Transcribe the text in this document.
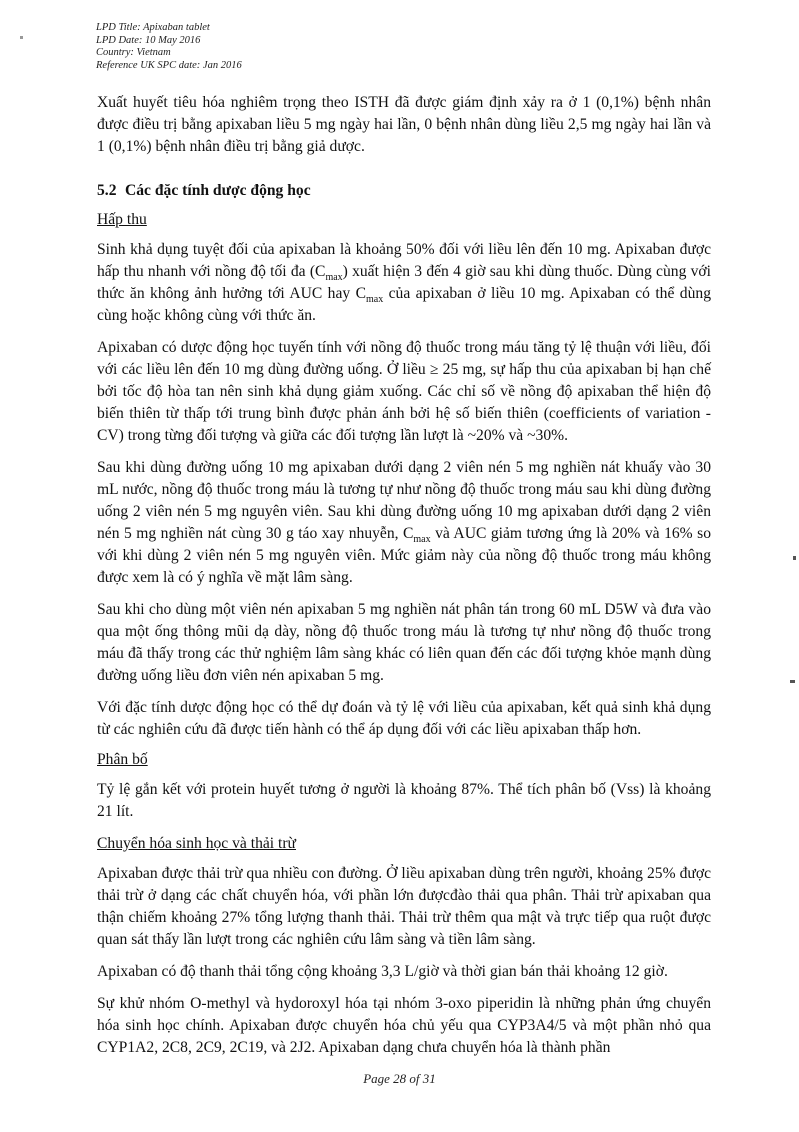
LPD Title: Apixaban tablet
LPD Date: 10 May 2016
Country: Vietnam
Reference UK SPC date: Jan 2016

Xuất huyết tiêu hóa nghiêm trọng theo ISTH đã được giám định xảy ra ở 1 (0,1%) bệnh nhân được điều trị bằng apixaban liều 5 mg ngày hai lần, 0 bệnh nhân dùng liều 2,5 mg ngày hai lần và 1 (0,1%) bệnh nhân điều trị bằng giả dược.

5.2 Các đặc tính dược động học
Hấp thu

Sinh khả dụng tuyệt đối của apixaban là khoảng 50% đối với liều lên đến 10 mg. Apixaban được hấp thu nhanh với nồng độ tối đa $(C_{max})$ xuất hiện 3 đến 4 giờ sau khi dùng thuốc. Dùng cùng với thức ăn không ảnh hưởng tới AUC hay $C_{max}$ của apixaban ở liều 10 mg. Apixaban có thể dùng cùng hoặc không cùng với thức ăn.

Apixaban có dược động học tuyến tính với nồng độ thuốc trong máu tăng tỷ lệ thuận với liều, đối với các liều lên đến 10 mg dùng đường uống. Ở liều ≥ 25 mg, sự hấp thu của apixaban bị hạn chế bởi tốc độ hòa tan nên sinh khả dụng giảm xuống. Các chỉ số về nồng độ apixaban thể hiện độ biến thiên từ thấp tới trung bình được phản ánh bởi hệ số biến thiên (coefficients of variation - CV) trong từng đối tượng và giữa các đối tượng lần lượt là ~20% và ~30%.

Sau khi dùng đường uống 10 mg apixaban dưới dạng 2 viên nén 5 mg nghiền nát khuấy vào 30 mL nước, nồng độ thuốc trong máu là tương tự như nồng độ thuốc trong máu sau khi dùng đường uống 2 viên nén 5 mg nguyên viên. Sau khi dùng đường uống 10 mg apixaban dưới dạng 2 viên nén 5 mg nghiền nát cùng 30 g táo xay nhuyễn, $C_{max}$ và AUC giảm tương ứng là 20% và 16% so với khi dùng 2 viên nén 5 mg nguyên viên. Mức giảm này của nồng độ thuốc trong máu không được xem là có ý nghĩa về mặt lâm sàng.

Sau khi cho dùng một viên nén apixaban 5 mg nghiền nát phân tán trong 60 mL D5W và đưa vào qua một ống thông mũi dạ dày, nồng độ thuốc trong máu là tương tự như nồng độ thuốc trong máu đã thấy trong các thử nghiệm lâm sàng khác có liên quan đến các đối tượng khỏe mạnh dùng đường uống liều đơn viên nén apixaban 5 mg.

Với đặc tính dược động học có thể dự đoán và tỷ lệ với liều của apixaban, kết quả sinh khả dụng từ các nghiên cứu đã được tiến hành có thể áp dụng đối với các liều apixaban thấp hơn.

Phân bố

Tỷ lệ gắn kết với protein huyết tương ở người là khoảng 87%. Thể tích phân bố (Vss) là khoảng 21 lít.

Chuyển hóa sinh học và thải trừ

Apixaban được thải trừ qua nhiều con đường. Ở liều apixaban dùng trên người, khoảng 25% được thải trừ ở dạng các chất chuyển hóa, với phần lớn đượcđào thải qua phân. Thải trừ apixaban qua thận chiếm khoảng 27% tổng lượng thanh thải. Thải trừ thêm qua mật và trực tiếp qua ruột được quan sát thấy lần lượt trong các nghiên cứu lâm sàng và tiền lâm sàng.

Apixaban có độ thanh thải tổng cộng khoảng 3,3 L/giờ và thời gian bán thải khoảng 12 giờ.

Sự khử nhóm O-methyl và hydoroxyl hóa tại nhóm 3-oxo piperidin là những phản ứng chuyển hóa sinh học chính. Apixaban được chuyển hóa chủ yếu qua CYP3A4/5 và một phần nhỏ qua CYP1A2, 2C8, 2C9, 2C19, và 2J2. Apixaban dạng chưa chuyển hóa là thành phần

Page 28 of 31
